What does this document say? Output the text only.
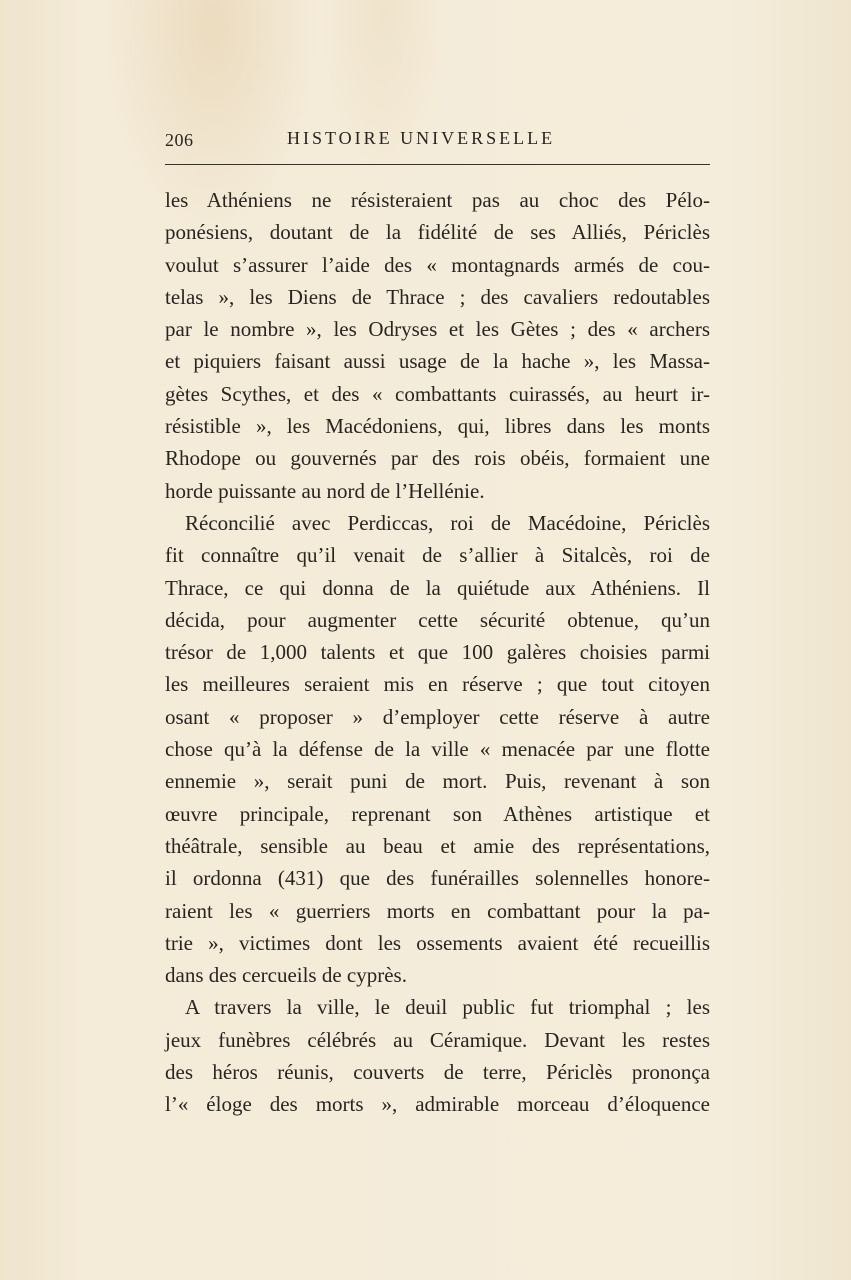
206	HISTOIRE UNIVERSELLE
les Athéniens ne résisteraient pas au choc des Pélo-
ponésiens, doutant de la fidélité de ses Alliés, Périclès
voulut s’assurer l’aide des « montagnards armés de cou-
telas », les Diens de Thrace ; des cavaliers redoutables
par le nombre », les Odryses et les Gètes ; des « archers
et piquiers faisant aussi usage de la hache », les Massa-
gètes Scythes, et des « combattants cuirassés, au heurt ir-
résistible », les Macédoniens, qui, libres dans les monts
Rhodope ou gouvernés par des rois obéis, formaient une
horde puissante au nord de l’Hellénie.
Réconcilié avec Perdiccas, roi de Macédoine, Périclès
fit connaître qu’il venait de s’allier à Sitalcès, roi de
Thrace, ce qui donna de la quiétude aux Athéniens. Il
décida, pour augmenter cette sécurité obtenue, qu’un
trésor de 1,000 talents et que 100 galères choisies parmi
les meilleures seraient mis en réserve ; que tout citoyen
osant « proposer » d’employer cette réserve à autre
chose qu’à la défense de la ville « menacée par une flotte
ennemie », serait puni de mort. Puis, revenant à son
œuvre principale, reprenant son Athènes artistique et
théâtrale, sensible au beau et amie des représentations,
il ordonna (431) que des funérailles solennelles honore-
raient les « guerriers morts en combattant pour la pa-
trie », victimes dont les ossements avaient été recueillis
dans des cercueils de cyprès.
A travers la ville, le deuil public fut triomphal ; les
jeux funèbres célébrés au Céramique. Devant les restes
des héros réunis, couverts de terre, Périclès prononça
l’« éloge des morts », admirable morceau d’éloquence
